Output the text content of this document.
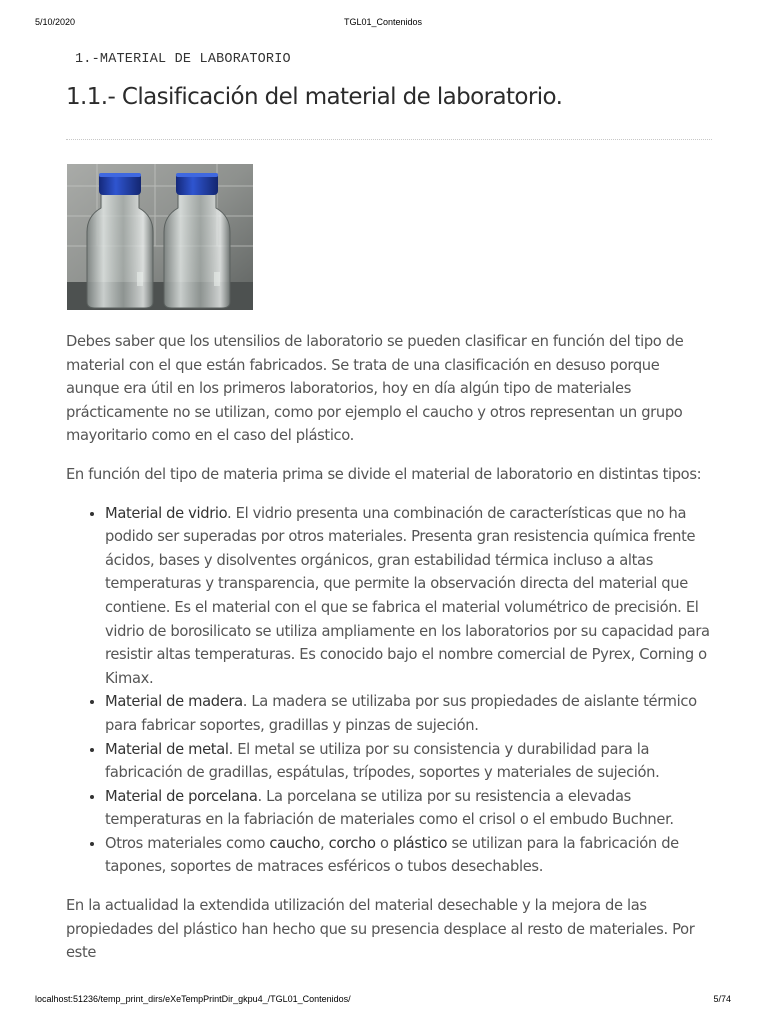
5/10/2020	TGL01_Contenidos
1.-MATERIAL DE LABORATORIO
1.1.- Clasificación del material de laboratorio.

Debes saber que los utensilios de laboratorio se pueden clasificar en función del tipo de material con el que están fabricados. Se trata de una clasificación en desuso porque aunque era útil en los primeros laboratorios, hoy en día algún tipo de materiales prácticamente no se utilizan, como por ejemplo el caucho y otros representan un grupo mayoritario como en el caso del plástico.

En función del tipo de materia prima se divide el material de laboratorio en distintas tipos:

• Material de vidrio. El vidrio presenta una combinación de características que no ha podido ser superadas por otros materiales. Presenta gran resistencia química frente ácidos, bases y disolventes orgánicos, gran estabilidad térmica incluso a altas temperaturas y transparencia, que permite la observación directa del material que contiene. Es el material con el que se fabrica el material volumétrico de precisión. El vidrio de borosilicato se utiliza ampliamente en los laboratorios por su capacidad para resistir altas temperaturas. Es conocido bajo el nombre comercial de Pyrex, Corning o Kimax.
• Material de madera. La madera se utilizaba por sus propiedades de aislante térmico para fabricar soportes, gradillas y pinzas de sujeción.
• Material de metal. El metal se utiliza por su consistencia y durabilidad para la fabricación de gradillas, espátulas, trípodes, soportes y materiales de sujeción.
• Material de porcelana. La porcelana se utiliza por su resistencia a elevadas temperaturas en la fabriación de materiales como el crisol o el embudo Buchner.
• Otros materiales como caucho, corcho o plástico se utilizan para la fabricación de tapones, soportes de matraces esféricos o tubos desechables.

En la actualidad la extendida utilización del material desechable y la mejora de las propiedades del plástico han hecho que su presencia desplace al resto de materiales. Por este

localhost:51236/temp_print_dirs/eXeTempPrintDir_gkpu4_/TGL01_Contenidos/	5/74
